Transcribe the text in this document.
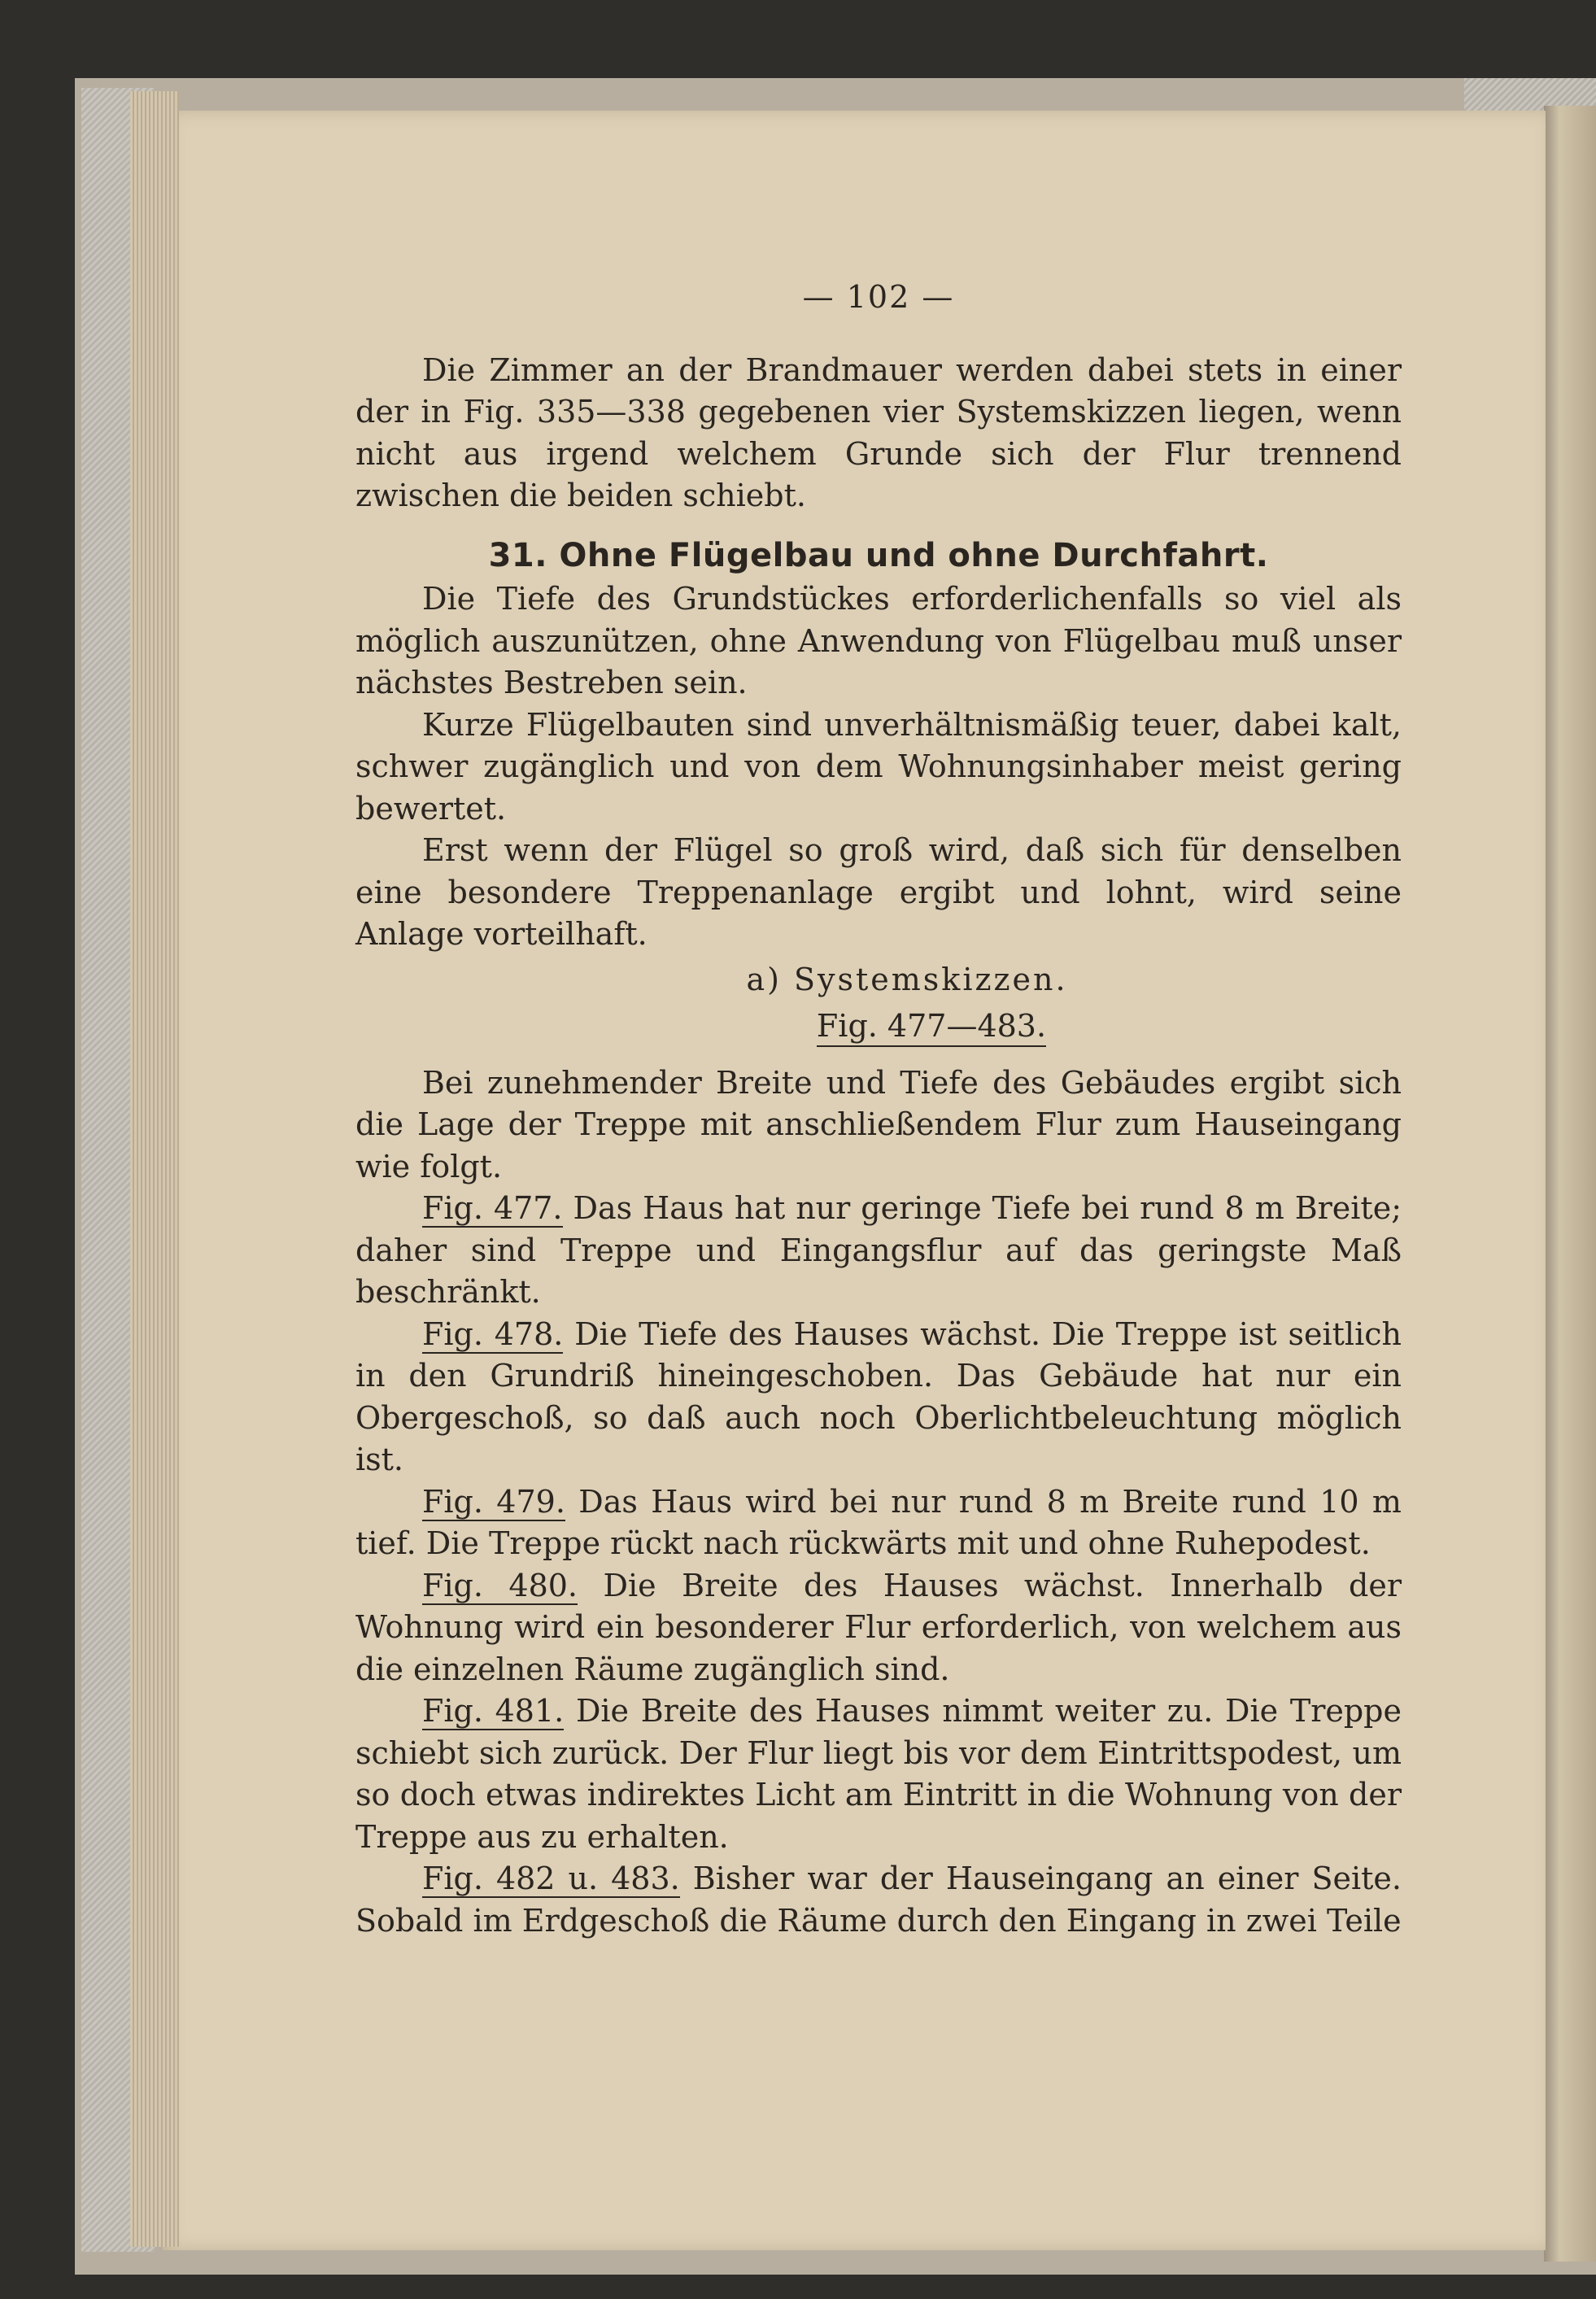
— 102 —

Die Zimmer an der Brandmauer werden dabei stets in einer der in Fig. 335—338 gegebenen vier Systemskizzen liegen, wenn nicht aus irgend welchem Grunde sich der Flur trennend zwischen die beiden schiebt.

31. Ohne Flügelbau und ohne Durchfahrt.

Die Tiefe des Grundstückes erforderlichenfalls so viel als möglich auszunützen, ohne Anwendung von Flügelbau muß unser nächstes Bestreben sein.

Kurze Flügelbauten sind unverhältnismäßig teuer, dabei kalt, schwer zugänglich und von dem Wohnungsinhaber meist gering bewertet.

Erst wenn der Flügel so groß wird, daß sich für denselben eine besondere Treppenanlage ergibt und lohnt, wird seine Anlage vorteilhaft.

a) Systemskizzen.
Fig. 477—483.

Bei zunehmender Breite und Tiefe des Gebäudes ergibt sich die Lage der Treppe mit anschließendem Flur zum Hauseingang wie folgt.

Fig. 477. Das Haus hat nur geringe Tiefe bei rund 8 m Breite; daher sind Treppe und Eingangsflur auf das geringste Maß beschränkt.

Fig. 478. Die Tiefe des Hauses wächst. Die Treppe ist seitlich in den Grundriß hineingeschoben. Das Gebäude hat nur ein Obergeschoß, so daß auch noch Oberlichtbeleuchtung möglich ist.

Fig. 479. Das Haus wird bei nur rund 8 m Breite rund 10 m tief. Die Treppe rückt nach rückwärts mit und ohne Ruhepodest.

Fig. 480. Die Breite des Hauses wächst. Innerhalb der Wohnung wird ein besonderer Flur erforderlich, von welchem aus die einzelnen Räume zugänglich sind.

Fig. 481. Die Breite des Hauses nimmt weiter zu. Die Treppe schiebt sich zurück. Der Flur liegt bis vor dem Eintrittspodest, um so doch etwas indirektes Licht am Eintritt in die Wohnung von der Treppe aus zu erhalten.

Fig. 482 u. 483. Bisher war der Hauseingang an einer Seite. Sobald im Erdgeschoß die Räume durch den Eingang in zwei Teile
